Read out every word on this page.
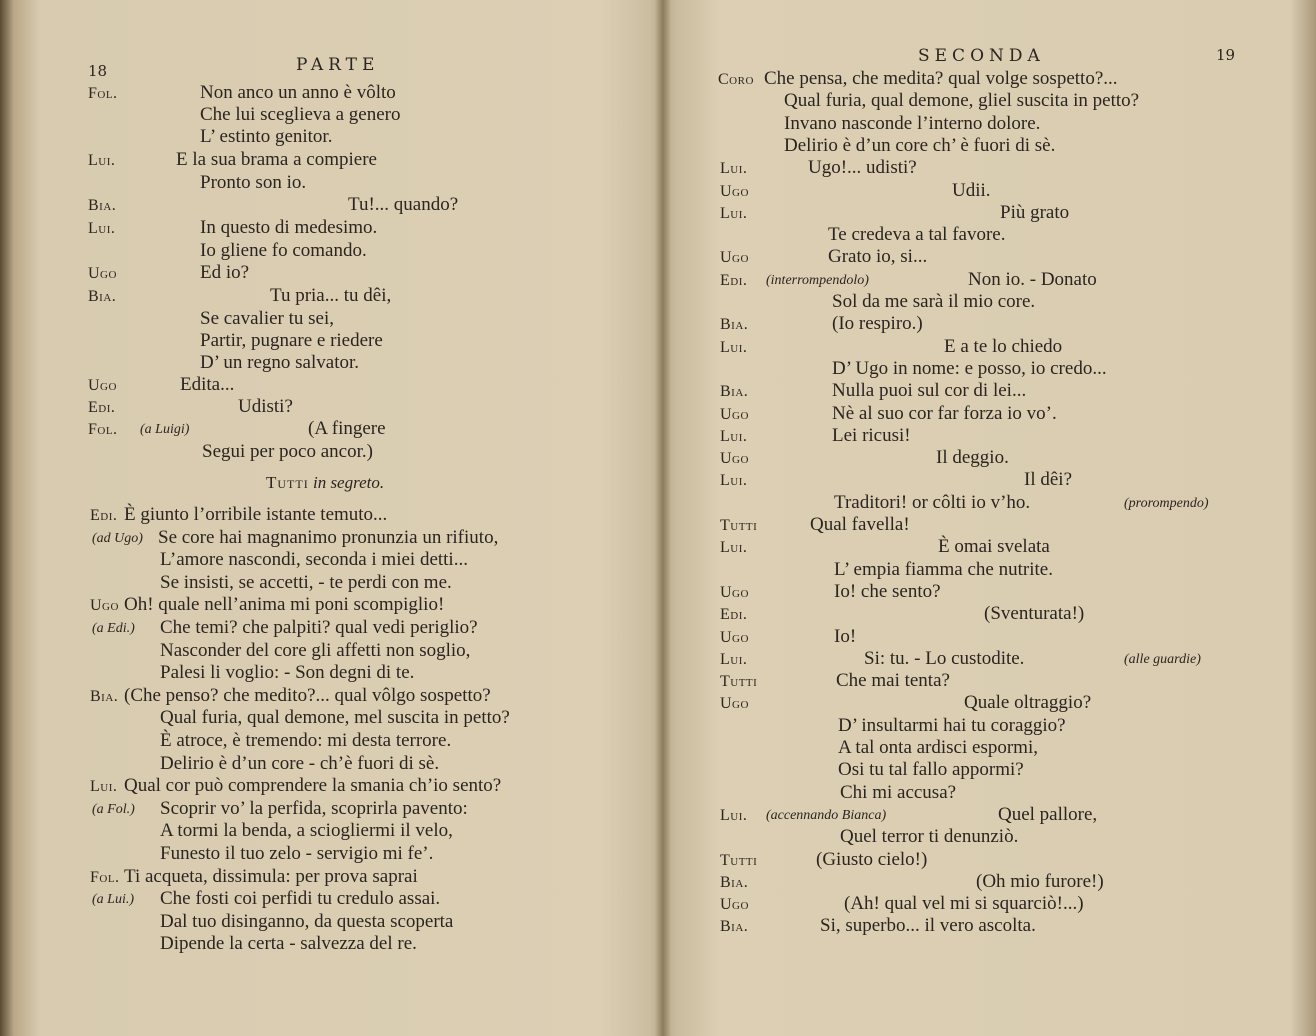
18	PARTE
Fol.	Non anco un anno è vôlto
Che lui sceglieva a genero
L’ estinto genitor.
Lui.	E la sua brama a compiere
Pronto son io.
Bia.	Tu!... quando?
Lui.	In questo di medesimo.
Io gliene fo comando.
Ugo	Ed io?
Bia.	Tu pria... tu dêi,
Se cavalier tu sei,
Partir, pugnare e riedere
D’ un regno salvator.
Ugo	Edita...
Edi.	Udisti?
Fol. (a Luigi)	(A fingere
Segui per poco ancor.)
Tutti in segreto.
Edi. È giunto l’orribile istante temuto...
(ad Ugo) Se core hai magnanimo pronunzia un rifiuto,
L’amore nascondi, seconda i miei detti...
Se insisti, se accetti, - te perdi con me.
Ugo Oh! quale nell’anima mi poni scompiglio!
(a Edi.) Che temi? che palpiti? qual vedi periglio?
Nasconder del core gli affetti non soglio,
Palesi li voglio: - Son degni di te.
Bia. (Che penso? che medito?... qual vôlgo sospetto?
Qual furia, qual demone, mel suscita in petto?
È atroce, è tremendo: mi desta terrore.
Delirio è d’un core - ch’è fuori di sè.
Lui. Qual cor può comprendere la smania ch’io sento?
(a Fol.) Scoprir vo’ la perfida, scoprirla pavento:
A tormi la benda, a sciogliermi il velo,
Funesto il tuo zelo - servigio mi fe’.
Fol. Ti acqueta, dissimula: per prova saprai
(a Lui.) Che fosti coi perfidi tu credulo assai.
Dal tuo disinganno, da questa scoperta
Dipende la certa - salvezza del re.
SECONDA	19
Coro Che pensa, che medita? qual volge sospetto?...
Qual furia, qual demone, gliel suscita in petto?
Invano nasconde l’interno dolore.
Delirio è d’un core ch’ è fuori di sè.
Lui.	Ugo!... udisti?
Ugo	Udii.
Lui.	Più grato
Te credeva a tal favore.
Ugo	Grato io, si...
Edi. (interrompendolo)	Non io. - Donato
Sol da me sarà il mio core.
Bia.	(Io respiro.)
Lui.	E a te lo chiedo
D’ Ugo in nome: e posso, io credo...
Bia.	Nulla puoi sul cor di lei...
Ugo	Nè al suo cor far forza io vo’.
Lui.	Lei ricusi!
Ugo	Il deggio.
Lui.	Il dêi?
(prorompendo)
Traditori! or côlti io v’ho.
Tutti	Qual favella!
Lui.	È omai svelata
L’ empia fiamma che nutrite.
Ugo	Io! che sento?
Edi.	(Sventurata!)
Ugo	Io!
Lui.	(alle guardie)
Si: tu. - Lo custodite.
Tutti	Che mai tenta?
Ugo	Quale oltraggio?
D’ insultarmi hai tu coraggio?
A tal onta ardisci espormi,
Osi tu tal fallo appormi?
Chi mi accusa?
Lui. (accennando Bianca)	Quel pallore,
Quel terror ti denunziò.
Tutti	(Giusto cielo!)
Bia.	(Oh mio furore!)
Ugo	(Ah! qual vel mi si squarciò!...)
Bia.	Si, superbo... il vero ascolta.
